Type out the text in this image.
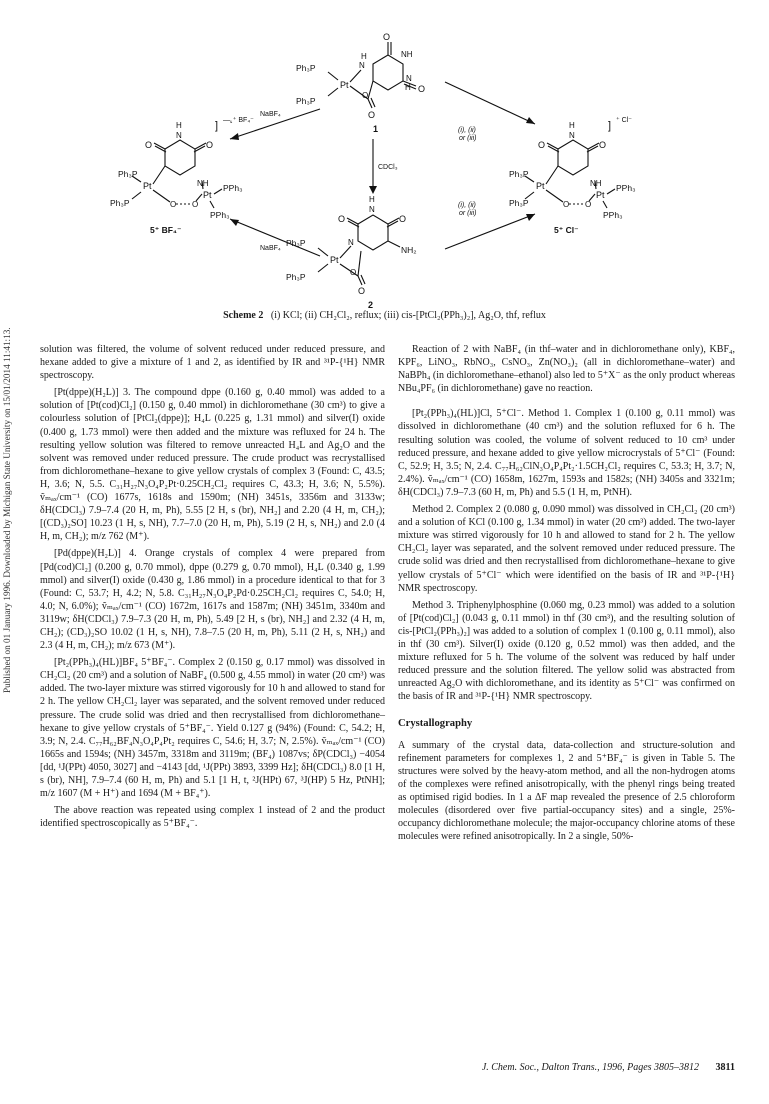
Published on 01 January 1996. Downloaded by Michigan State University on 15/01/2014 11:41:13.
O
NH
O
N
H
N
H
Pt
O
O
Ph₃P
Ph₃P
1
O	O
N
H	] —⸤⁺ BF₄⁻
NH
Pt
O O
Pt
PPh₃
PPh₃
Ph₃P
Ph₃P
5⁺ BF₄⁻
O	O
N
H	] ⁺ Cl⁻
NH
Pt
O O
Pt
PPh₃
PPh₃
Ph₃P
Ph₃P
5⁺ Cl⁻
O	O
N
H
NH₂
N
Pt
O
O
Ph₃P
Ph₃P
2
NaBF₄
NaBF₄
CDCl₃
(i), (ii)
or (iii)
(i), (ii)
or (iii)
Scheme 2 (i) KCl; (ii) CH₂Cl₂, reflux; (iii) cis-[PtCl₂(PPh₃)₂], Ag₂O, thf, reflux

solution was filtered, the volume of solvent reduced under reduced pressure, and hexane added to give a mixture of 1 and 2, as identified by IR and ³¹P-{¹H} NMR spectroscopy.

[Pt(dppe)(H₂L)] 3. The compound dppe (0.160 g, 0.40 mmol) was added to a solution of [Pt(cod)Cl₂] (0.150 g, 0.40 mmol) in dichloromethane (30 cm³) to give a colourless solution of [PtCl₂(dppe)]; H₄L (0.225 g, 1.31 mmol) and silver(I) oxide (0.400 g, 1.73 mmol) were then added and the mixture was refluxed for 24 h. The resulting yellow solution was filtered to remove unreacted H₄L and Ag₂O and the solvent was removed under reduced pressure. The crude product was recrystallised from dichloromethane–hexane to give yellow crystals of complex 3 (Found: C, 43.5; H, 3.6; N, 5.5. C₃₁H₂₇N₃O₄P₂Pt·0.25CH₂Cl₂ requires C, 43.3; H, 3.6; N, 5.5%). ṽₘₐₓ/cm⁻¹ (CO) 1677s, 1618s and 1590m; (NH) 3451s, 3356m and 3133w; δH(CDCl₃) 7.9–7.4 (20 H, m, Ph), 5.55 [2 H, s (br), NH₂] and 2.20 (4 H, m, CH₂); [(CD₃)₂SO] 10.23 (1 H, s, NH), 7.7–7.0 (20 H, m, Ph), 5.19 (2 H, s, NH₂) and 2.0 (4 H, m, CH₂); m/z 762 (M⁺).

[Pd(dppe)(H₂L)] 4. Orange crystals of complex 4 were prepared from [Pd(cod)Cl₂] (0.200 g, 0.70 mmol), dppe (0.279 g, 0.70 mmol), H₄L (0.340 g, 1.99 mmol) and silver(I) oxide (0.430 g, 1.86 mmol) in a procedure identical to that for 3 (Found: C, 53.7; H, 4.2; N, 5.8. C₃₁H₂₇N₃O₄P₂Pd·0.25CH₂Cl₂ requires C, 54.0; H, 4.0; N, 6.0%); ṽₘₐₓ/cm⁻¹ (CO) 1672m, 1617s and 1587m; (NH) 3451m, 3340m and 3119w; δH(CDCl₃) 7.9–7.3 (20 H, m, Ph), 5.49 [2 H, s (br), NH₂] and 2.32 (4 H, m, CH₂); (CD₃)₂SO 10.02 (1 H, s, NH), 7.8–7.5 (20 H, m, Ph), 5.11 (2 H, s, NH₂) and 2.3 (4 H, m, CH₂); m/z 673 (M⁺).

[Pt₂(PPh₃)₄(HL)]BF₄ 5⁺BF₄⁻. Complex 2 (0.150 g, 0.17 mmol) was dissolved in CH₂Cl₂ (20 cm³) and a solution of NaBF₄ (0.500 g, 4.55 mmol) in water (20 cm³) was added. The two-layer mixture was stirred vigorously for 10 h and allowed to stand for 2 h. The yellow CH₂Cl₂ layer was separated, and the solvent removed under reduced pressure. The crude solid was dried and then recrystallised from dichloromethane–hexane to give yellow crystals of 5⁺BF₄⁻. Yield 0.127 g (94%) (Found: C, 54.2; H, 3.9; N, 2.4. C₇₇H₆₂BF₄N₃O₄P₄Pt₂ requires C, 54.6; H, 3.7; N, 2.5%). ṽₘₐₓ/cm⁻¹ (CO) 1665s and 1594s; (NH) 3457m, 3318m and 3119m; (BF₄) 1087vs; δP(CDCl₃) −4054 [dd, ¹J(PPt) 4050, 3027] and −4143 [dd, ¹J(PPt) 3893, 3399 Hz]; δH(CDCl₃) 8.0 [1 H, s (br), NH], 7.9–7.4 (60 H, m, Ph) and 5.1 [1 H, t, ²J(HPt) 67, ³J(HP) 5 Hz, PtNH]; m/z 1607 (M + H⁺) and 1694 (M + BF₄⁺).

The above reaction was repeated using complex 1 instead of 2 and the product identified spectroscopically as 5⁺BF₄⁻.

Reaction of 2 with NaBF₄ (in thf–water and in dichloromethane only), KBF₄, KPF₆, LiNO₃, RbNO₃, CsNO₃, Zn(NO₃)₂ (all in dichloromethane–water) and NaBPh₄ (in dichloromethane–ethanol) also led to 5⁺X⁻ as the only product whereas NBu₄PF₆ (in dichloromethane) gave no reaction.

[Pt₂(PPh₃)₄(HL)]Cl, 5⁺Cl⁻. Method 1. Complex 1 (0.100 g, 0.11 mmol) was dissolved in dichloromethane (40 cm³) and the solution refluxed for 6 h. The resulting solution was cooled, the volume of solvent reduced to 10 cm³ under reduced pressure, and hexane added to give yellow microcrystals of 5⁺Cl⁻ (Found: C, 52.9; H, 3.5; N, 2.4. C₇₇H₆₂ClN₃O₄P₄Pt₂·1.5CH₂Cl₂ requires C, 53.3; H, 3.7; N, 2.4%). ṽₘₐₓ/cm⁻¹ (CO) 1658m, 1627m, 1593s and 1582s; (NH) 3405s and 3321m; δH(CDCl₃) 7.9–7.3 (60 H, m, Ph) and 5.5 (1 H, m, PtNH).

Method 2. Complex 2 (0.080 g, 0.090 mmol) was dissolved in CH₂Cl₂ (20 cm³) and a solution of KCl (0.100 g, 1.34 mmol) in water (20 cm³) added. The two-layer mixture was stirred vigorously for 10 h and allowed to stand for 2 h. The yellow CH₂Cl₂ layer was separated, and the solvent removed under reduced pressure. The crude solid was dried and then recrystallised from dichloromethane–hexane to give yellow crystals of 5⁺Cl⁻ which were identified on the basis of IR and ³¹P-{¹H} NMR spectroscopy.

Method 3. Triphenylphosphine (0.060 mg, 0.23 mmol) was added to a solution of [Pt(cod)Cl₂] (0.043 g, 0.11 mmol) in thf (30 cm³), and the resulting solution of cis-[PtCl₂(PPh₃)₂] was added to a solution of complex 1 (0.100 g, 0.11 mmol), also in thf (30 cm³). Silver(I) oxide (0.120 g, 0.52 mmol) was then added, and the mixture refluxed for 5 h. The volume of the solvent was reduced by half under reduced pressure and the solution filtered. The yellow solid was abstracted from unreacted Ag₂O with dichloromethane, and its identity as 5⁺Cl⁻ was confirmed on the basis of IR and ³¹P-{¹H} NMR spectroscopy.

Crystallography

A summary of the crystal data, data-collection and structure-solution and refinement parameters for complexes 1, 2 and 5⁺BF₄⁻ is given in Table 5. The structures were solved by the heavy-atom method, and all the non-hydrogen atoms of the complexes were refined anisotropically, with the phenyl rings being treated as optimised rigid bodies. In 1 a ΔF map revealed the presence of 2.5 chloroform molecules (disordered over five partial-occupancy sites) and a single, 25%-occupancy dichloromethane molecule; the major-occupancy chlorine atoms of these molecules were refined anisotropically. In 2 a single, 50%-

J. Chem. Soc., Dalton Trans., 1996, Pages 3805–3812 3811
